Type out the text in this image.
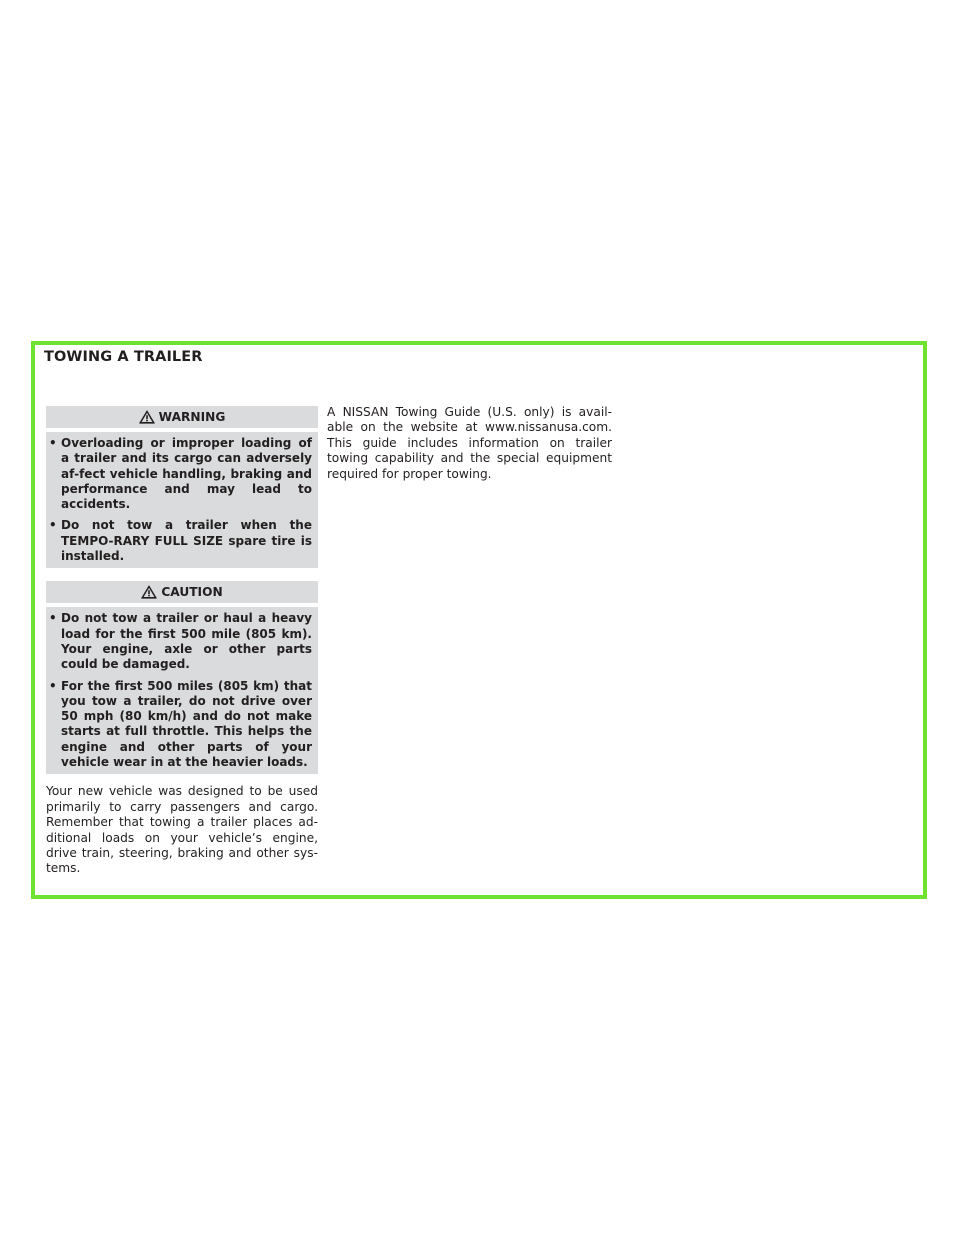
TOWING A TRAILER
WARNING
• Overloading or improper loading of a trailer and its cargo can adversely af-fect vehicle handling, braking and performance and may lead to accidents.
• Do not tow a trailer when the TEMPO-RARY FULL SIZE spare tire is installed.
CAUTION
• Do not tow a trailer or haul a heavy load for the first 500 mile (805 km). Your engine, axle or other parts could be damaged.
• For the first 500 miles (805 km) that you tow a trailer, do not drive over 50 mph (80 km/h) and do not make starts at full throttle. This helps the engine and other parts of your vehicle wear in at the heavier loads.

Your new vehicle was designed to be used primarily to carry passengers and cargo. Remember that towing a trailer places ad-ditional loads on your vehicle’s engine, drive train, steering, braking and other sys-tems.

A NISSAN Towing Guide (U.S. only) is avail-able on the website at www.nissanusa.com. This guide includes information on trailer towing capability and the special equipment required for proper towing.
